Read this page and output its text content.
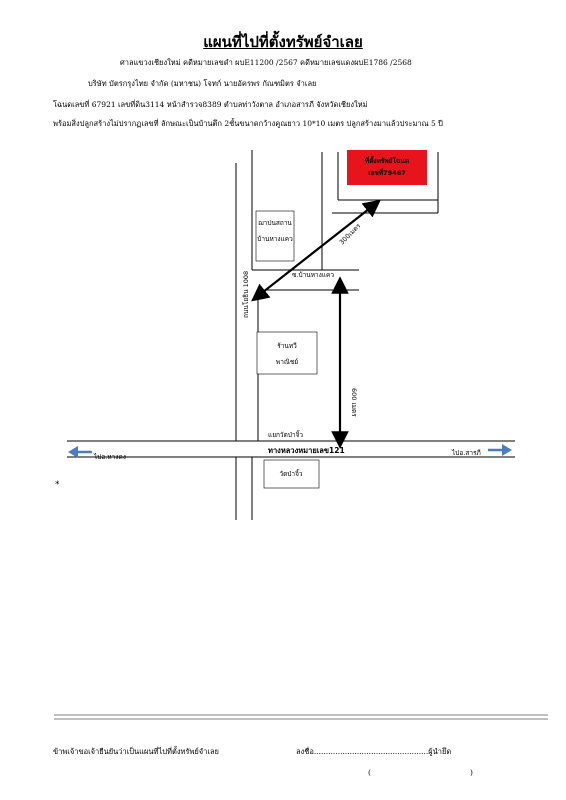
แผนที่ไปที่ตั้งทรัพย์จำเลย
ศาลแขวงเชียงใหม่ คดีหมายเลขดำ ผบE11200 /2567 คดีหมายเลขแดงผบE1786 /2568
บริษัท บัตรกรุงไทย จำกัด (มหาชน) โจทก์ นายอัครพร กัณฑมิตร จำเลย
โฉนดเลขที่ 67921 เลขที่ดิน3114 หน้าสำรวจ8389 ตำบลท่าวังตาล อำเภอสารภี จังหวัดเชียงใหม่
พร้อมสิ่งปลูกสร้างไม่ปรากฏเลขที่ ลักษณะเป็นบ้านตึก 2ชั้นขนาดกว้างคูณยาว 10*10 เมตร ปลูกสร้างมาแล้วประมาณ 5 ปี
ที่ตั้งทรัพย์โฉนด
เลขที่79467
ฌาปนสถาน
บ้านหางแคว	300เมตร
ซ.บ้านหางแคว
ถนนโยธิน 1008
ร้านทวี
พาณิชย์
600 เมตร
แยกวัดป่าจิ้ว
ทางหลวงหมายเลข121
ไปอ.หางดง	ไปอ.สารภี
วัดป่าจิ้ว
*
ข้าพเจ้าขอเจ้ายืนยันว่าเป็นแผนที่ไปที่ตั้งทรัพย์จำเลย	ลงชื่อ................................................ผู้นำยึด
(	)
